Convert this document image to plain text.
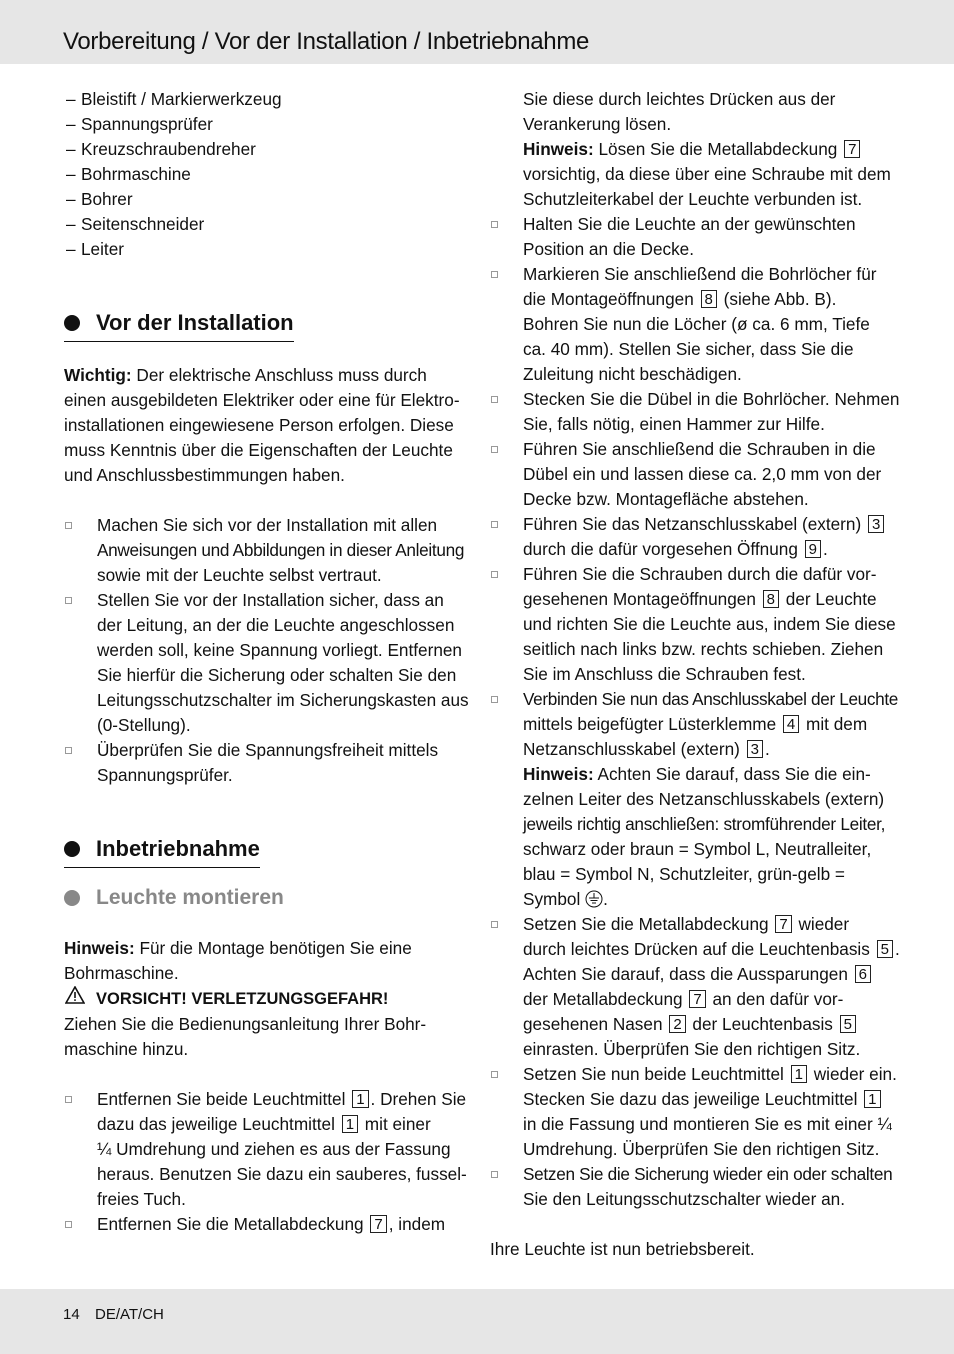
Vorbereitung / Vor der Installation / Inbetriebnahme
– Bleistift / Markierwerkzeug
– Spannungsprüfer
– Kreuzschraubendreher
– Bohrmaschine
– Bohrer
– Seitenschneider
– Leiter
Vor der Installation

Wichtig: Der elektrische Anschluss muss durch

einen ausgebildeten Elektriker oder eine für Elektro-

installationen eingewiesene Person erfolgen. Diese

muss Kenntnis über die Eigenschaften der Leuchte

und Anschlussbestimmungen haben.

Machen Sie sich vor der Installation mit allen

Anweisungen und Abbildungen in dieser Anleitung

sowie mit der Leuchte selbst vertraut.

Stellen Sie vor der Installation sicher, dass an

der Leitung, an der die Leuchte angeschlossen

werden soll, keine Spannung vorliegt. Entfernen

Sie hierfür die Sicherung oder schalten Sie den

Leitungsschutzschalter im Sicherungskasten aus

(0-Stellung).

Überprüfen Sie die Spannungsfreiheit mittels

Spannungsprüfer.

Inbetriebnahme
Leuchte montieren

Hinweis: Für die Montage benötigen Sie eine

Bohrmaschine.

VORSICHT! VERLETZUNGSGEFAHR!

Ziehen Sie die Bedienungsanleitung Ihrer Bohr-

maschine hinzu.

Entfernen Sie beide Leuchtmittel 1 . Drehen Sie

dazu das jeweilige Leuchtmittel 1 mit einer

¼ Umdrehung und ziehen es aus der Fassung

heraus. Benutzen Sie dazu ein sauberes, fussel-

freies Tuch.

Entfernen Sie die Metallabdeckung 7 , indem

Sie diese durch leichtes Drücken aus der

Verankerung lösen.

Hinweis: Lösen Sie die Metallabdeckung 7

vorsichtig, da diese über eine Schraube mit dem

Schutzleiterkabel der Leuchte verbunden ist.

Halten Sie die Leuchte an der gewünschten

Position an die Decke.

Markieren Sie anschließend die Bohrlöcher für

die Montageöffnungen 8 (siehe Abb. B).

Bohren Sie nun die Löcher (ø ca. 6 mm, Tiefe

ca. 40 mm). Stellen Sie sicher, dass Sie die

Zuleitung nicht beschädigen.

Stecken Sie die Dübel in die Bohrlöcher. Nehmen

Sie, falls nötig, einen Hammer zur Hilfe.

Führen Sie anschließend die Schrauben in die

Dübel ein und lassen diese ca. 2,0 mm von der

Decke bzw. Montagefläche abstehen.

Führen Sie das Netzanschlusskabel (extern) 3

durch die dafür vorgesehen Öffnung 9 .

Führen Sie die Schrauben durch die dafür vor-

gesehenen Montageöffnungen 8 der Leuchte

und richten Sie die Leuchte aus, indem Sie diese

seitlich nach links bzw. rechts schieben. Ziehen

Sie im Anschluss die Schrauben fest.

Verbinden Sie nun das Anschlusskabel der Leuchte

mittels beigefügter Lüsterklemme 4 mit dem

Netzanschlusskabel (extern) 3 .

Hinweis: Achten Sie darauf, dass Sie die ein-

zelnen Leiter des Netzanschlusskabels (extern)

jeweils richtig anschließen: stromführender Leiter,

schwarz oder braun = Symbol L, Neutralleiter,

blau = Symbol N, Schutzleiter, grün-gelb =

Symbol .

Setzen Sie die Metallabdeckung 7 wieder

durch leichtes Drücken auf die Leuchtenbasis 5 .

Achten Sie darauf, dass die Aussparungen 6

der Metallabdeckung 7 an den dafür vor-

gesehenen Nasen 2 der Leuchtenbasis 5

einrasten. Überprüfen Sie den richtigen Sitz.

Setzen Sie nun beide Leuchtmittel 1 wieder ein.

Stecken Sie dazu das jeweilige Leuchtmittel 1

in die Fassung und montieren Sie es mit einer ¼

Umdrehung. Überprüfen Sie den richtigen Sitz.

Setzen Sie die Sicherung wieder ein oder schalten

Sie den Leitungsschutzschalter wieder an.

Ihre Leuchte ist nun betriebsbereit.

14 DE/AT/CH
